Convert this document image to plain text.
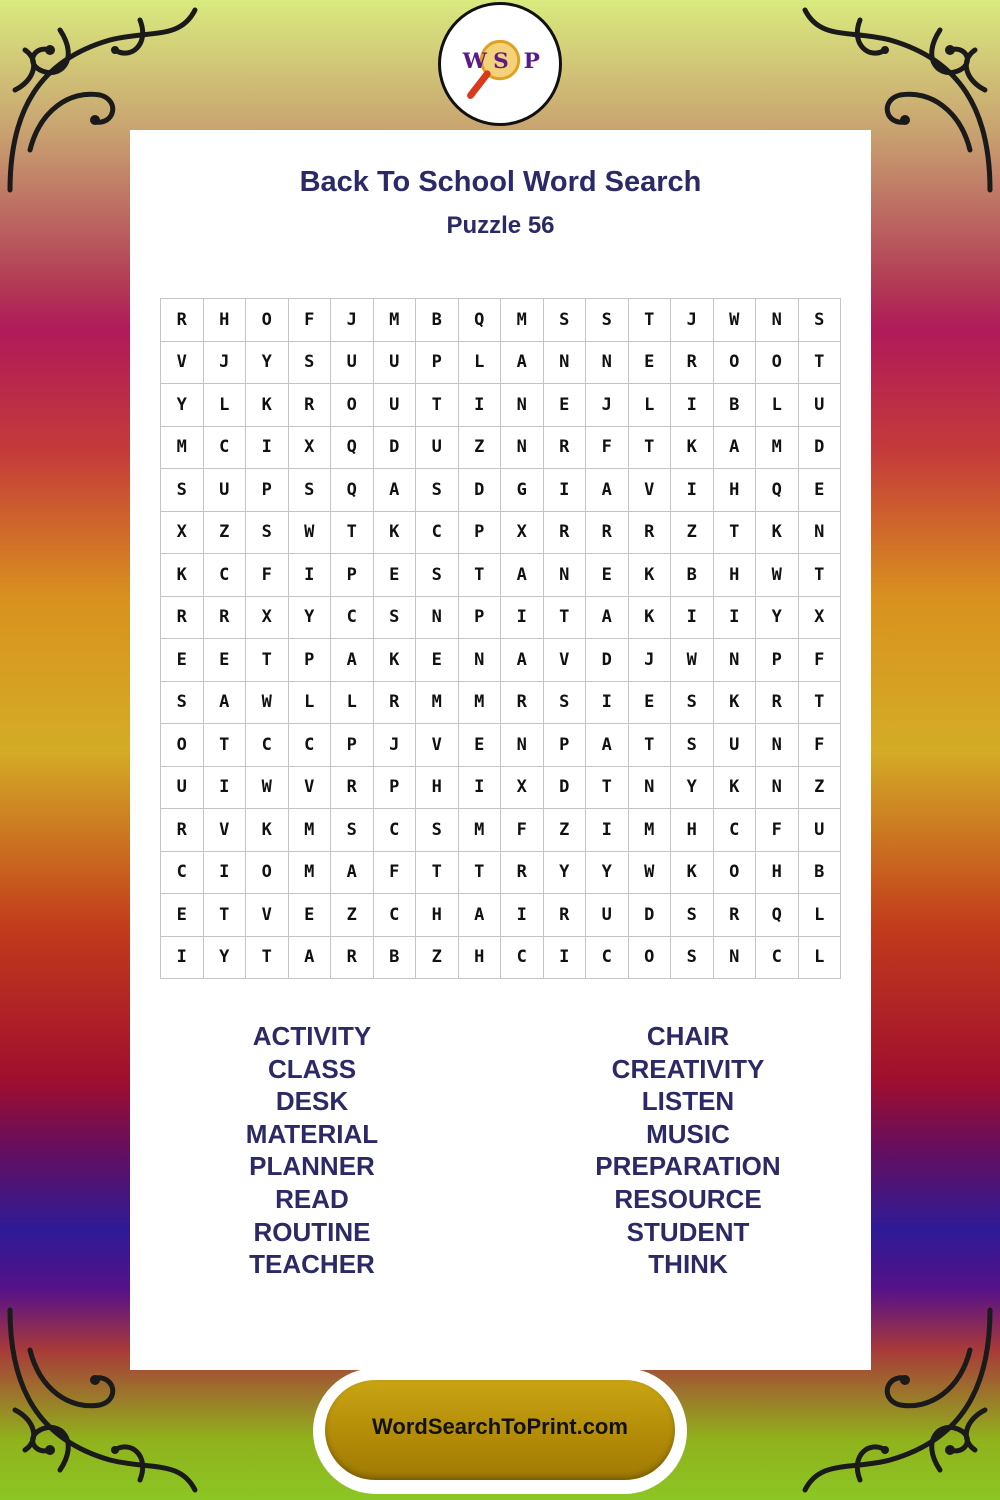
W S P
Back To School Word Search
Puzzle 56
R	H	O	F	J	M	B	Q	M	S	S	T	J	W	N	S
V	J	Y	S	U	U	P	L	A	N	N	E	R	O	O	T
Y	L	K	R	O	U	T	I	N	E	J	L	I	B	L	U
M	C	I	X	Q	D	U	Z	N	R	F	T	K	A	M	D
S	U	P	S	Q	A	S	D	G	I	A	V	I	H	Q	E
X	Z	S	W	T	K	C	P	X	R	R	R	Z	T	K	N
K	C	F	I	P	E	S	T	A	N	E	K	B	H	W	T
R	R	X	Y	C	S	N	P	I	T	A	K	I	I	Y	X
E	E	T	P	A	K	E	N	A	V	D	J	W	N	P	F
S	A	W	L	L	R	M	M	R	S	I	E	S	K	R	T
O	T	C	C	P	J	V	E	N	P	A	T	S	U	N	F
U	I	W	V	R	P	H	I	X	D	T	N	Y	K	N	Z
R	V	K	M	S	C	S	M	F	Z	I	M	H	C	F	U
C	I	O	M	A	F	T	T	R	Y	Y	W	K	O	H	B
E	T	V	E	Z	C	H	A	I	R	U	D	S	R	Q	L
I	Y	T	A	R	B	Z	H	C	I	C	O	S	N	C	L
ACTIVITY
CLASS
DESK
MATERIAL
PLANNER
READ
ROUTINE
TEACHER
CHAIR
CREATIVITY
LISTEN
MUSIC
PREPARATION
RESOURCE
STUDENT
THINK
WordSearchToPrint.com
